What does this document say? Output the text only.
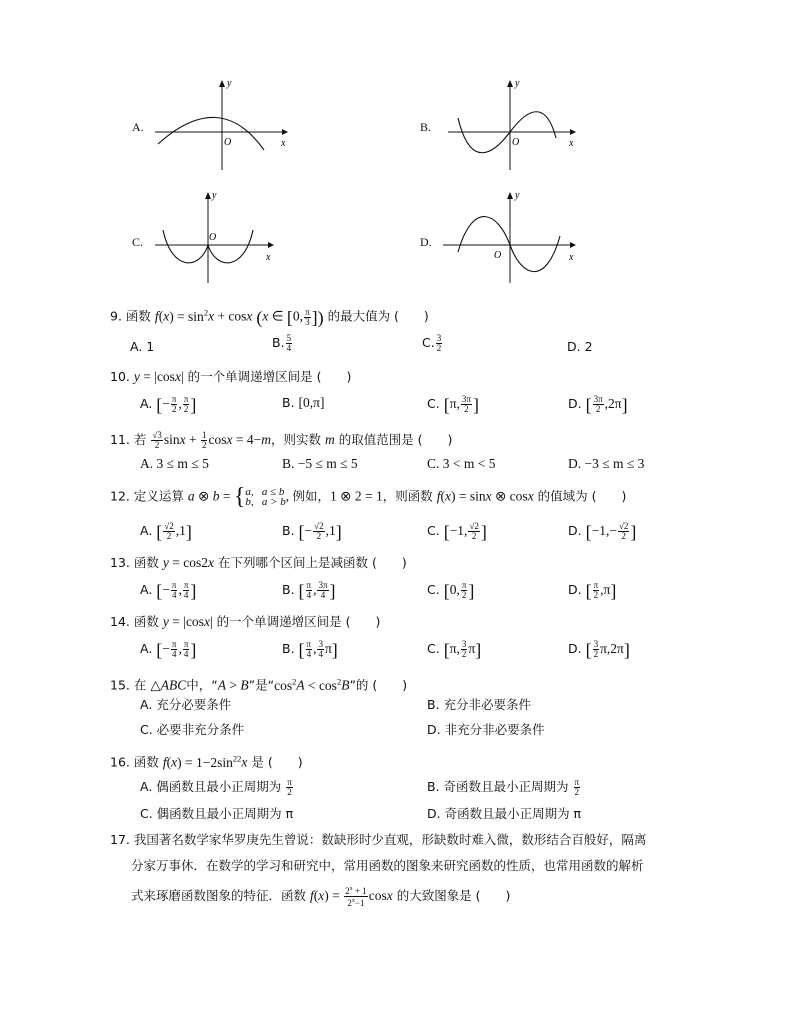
A.
y
x
O
B.
y
x
O
C.
y
x
O	D.
y
x
O
9. 函数 $f(x) = \sin^2x + \cos x$ (x ∈ [0, $\frac{\pi}{3}$ ]) 的最大值为 (　　)
A. 1	B. $\frac{5}{4}$	C. $\frac{3}{2}$	D. 2
10. y = |cosx| 的一个单调递增区间是 (　　)
A. [− $\frac{\pi}{2}$ , $\frac{\pi}{2}$ ]	B. [0,π]	C. [π, $\frac{3\pi}{2}$ ]	D. [ $\frac{3\pi}{2} ,2\pi$]
11. 若 $\frac{√3}{2}$ $\sin x + \frac{1}{2}$ cosx = 4−m，则实数 m 的取值范围是 (　　)
A. 3 ≤ m ≤ 5	B. −5 ≤ m ≤ 5	C. 3 < m < 5	D. −3 ≤ m ≤ 3
12. 定义运算 a ⊗ b = {a,   a ≤ b
b,   a > b, 例如，1 ⊗ 2 = 1，则函数 f(x) = sinx ⊗ cosx 的值域为 (　　)
A. [ $\frac{√2}{2} ,1$]	B. [− $\frac{√2}{2} ,1$]	C. [−1, $\frac{√2}{2}$ ]	D. [$-1,- \frac{√2}{2}$ ]
13. 函数 y = cos2x 在下列哪个区间上是减函数 (　　)
A. [− $\frac{\pi}{4}$ , $\frac{\pi}{4}$ ]	B. [ $\frac{\pi}{4}$ , $\frac{3\pi}{4}$ ]	C. [0, $\frac{\pi}{2}$ ]	D. [ $\frac{\pi}{2} ,\pi$]
14. 函数 y = |cosx| 的一个单调递增区间是 (　　)
A. [− $\frac{\pi}{4}$ , $\frac{\pi}{4}$ ]	B. [ $\frac{\pi}{4}$ , $\frac{3}{4} \pi$]	C. [π, $\frac{3}{2} \pi$]	D. [ $\frac{3}{2} \pi,2\pi$]
15. 在 △ABC中，“A > B”是“$\cos^2A < \cos^2B$”的 (　　)
A. 充分必要条件	B. 充分非必要条件
C. 必要非充分条件	D. 非充分非必要条件
16. 函数 $f(x) = 1-2\sin^{22}x$ 是 (　　)
A. 偶函数且最小正周期为 $\frac{\pi}{2}$	B. 奇函数且最小正周期为 $\frac{\pi}{2}$
C. 偶函数且最小正周期为 π	D. 奇函数且最小正周期为 π
17. 我国著名数学家华罗庚先生曾说：数缺形时少直观，形缺数时难入微，数形结合百般好，隔离
分家万事休．在数学的学习和研究中，常用函数的图象来研究函数的性质，也常用函数的解析
式来琢磨函数图象的特征．函数 $f(x) = \frac{2^x + 1}{2^x-1}$ cosx 的大致图象是 (　　)
